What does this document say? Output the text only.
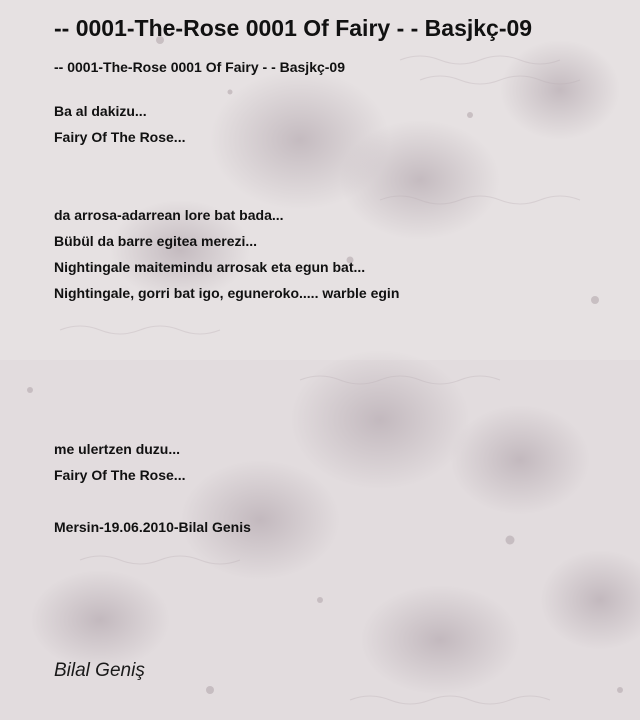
-- 0001-The-Rose 0001 Of Fairy - - Basjkç-09
-- 0001-The-Rose 0001 Of Fairy - - Basjkç-09
Ba al dakizu...
Fairy Of The Rose...
da arrosa-adarrean lore bat bada...
Bübül da barre egitea merezi...
Nightingale maitemindu arrosak eta egun bat...
Nightingale, gorri bat igo, eguneroko..... warble egin
me ulertzen duzu...
Fairy Of The Rose...
Mersin-19.06.2010-Bilal Genis
Bilal Geniş
